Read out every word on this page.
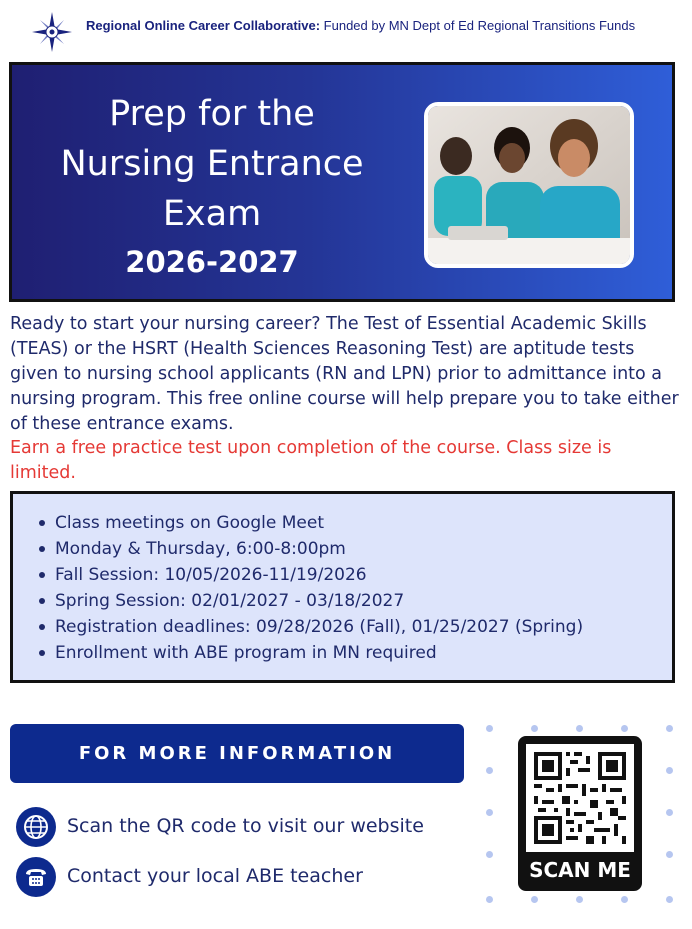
Regional Online Career Collaborative: Funded by MN Dept of Ed Regional Transitions Funds
Prep for the
Nursing Entrance
Exam
2026-2027
Ready to start your nursing career? The Test of Essential Academic Skills (TEAS) or the HSRT (Health Sciences Reasoning Test) are aptitude tests given to nursing school applicants (RN and LPN) prior to admittance into a nursing program. This free online course will help prepare you to take either of these entrance exams.
Earn a free practice test upon completion of the course. Class size is limited.
Class meetings on Google Meet
Monday & Thursday, 6:00-8:00pm
Fall Session: 10/05/2026-11/19/2026
Spring Session: 02/01/2027 - 03/18/2027
Registration deadlines: 09/28/2026 (Fall), 01/25/2027 (Spring)
Enrollment with ABE program in MN required
FOR MORE INFORMATION
Scan the QR code to visit our website
Contact your local ABE teacher	SCAN ME
